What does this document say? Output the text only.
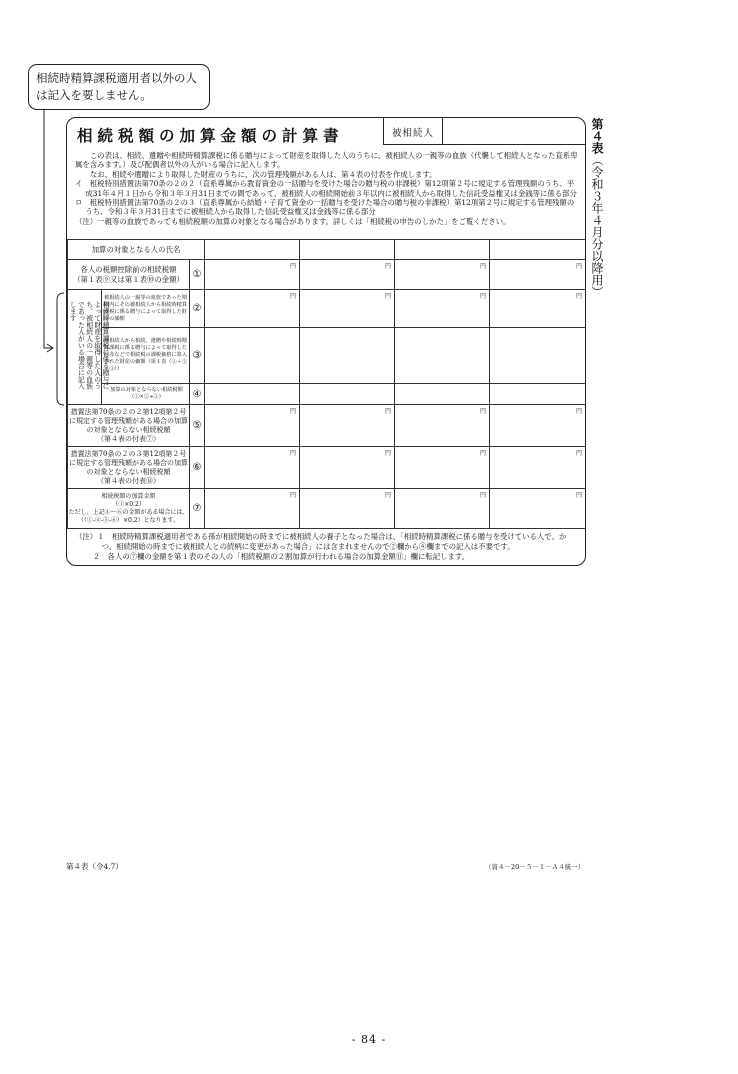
相続時精算課税適用者以外の人は記入を要しません。
相続税額の加算金額の計算書	被相続人

この表は、相続、遺贈や相続時精算課税に係る贈与によって財産を取得した人のうちに、被相続人の一親等の血族（代襲して相続人となった直系卑属を含みます。）及び配偶者以外の人がいる場合に記入します。

なお、相続や遺贈により取得した財産のうちに、次の管理残額がある人は、第４表の付表を作成します。

イ　租税特別措置法第70条の２の２（直系尊属から教育資金の一括贈与を受けた場合の贈与税の非課税）第12項第２号に規定する管理残額のうち、平成31年４月１日から令和３年３月31日までの間であって、被相続人の相続開始前３年以内に被相続人から取得した信託受益権又は金銭等に係る部分

ロ　租税特別措置法第70条の２の３（直系尊属から結婚・子育て資金の一括贈与を受けた場合の贈与税の非課税）第12項第２号に規定する管理残額のうち、令和３年３月31日までに被相続人から取得した信託受益権又は金銭等に係る部分

（注）一親等の血族であっても相続税額の加算の対象となる場合があります。詳しくは「相続税の申告のしかた」をご覧ください。

加算の対象となる人の氏名						

各人の税額控除前の相続税額
（第１表⑨又は第１表⑩の金額）		①	円	円	円	円

相続時精算課税に係る贈与によって財産を取得した人のうち、被相続人の一親等の血族であった人がいる場合に記入します	被相続人の一親等の血族であった期間内にその被相続人から相続時精算課税に係る贈与によって取得した財産の価額	②	円	円	円	円

	被相続人から相続、遺贈や相続時精算課税に係る贈与によって取得した財産などで相続税の課税価格に算入された財産の価額（第１表（①＋②＋③））	③				

	加算の対象とならない相続税額
（①×②÷③）	④				

措置法第70条の２の２第12項第２号に規定する管理残額がある場合の加算の対象とならない相続税額
（第４表の付表⑦）		⑤	円	円	円	円

措置法第70条の２の３第12項第２号に規定する管理残額がある場合の加算の対象とならない相続税額
（第４表の付表⑭）		⑥	円	円	円	円

相続税額の加算金額
（①×0.2）
ただし、上記④～⑥の金額がある場合には、（（①-④-⑤-⑥）×0.2）となります。		⑦	円	円	円	円

（注）１　相続時精算課税適用者である孫が相続開始の時までに被相続人の養子となった場合は、「相続時精算課税に係る贈与を受けている人で、かつ、相続開始の時までに被相続人との続柄に変更があった場合」には含まれませんので②欄から④欄までの記入は不要です。

２　各人の⑦欄の金額を第１表のその人の「相続税額の２割加算が行われる場合の加算金額⑪」欄に転記します。

第４表（令和３年４月分以降用）
第４表（令4.7）	（資４－20－５－１－Ａ４統一）
- 84 -
